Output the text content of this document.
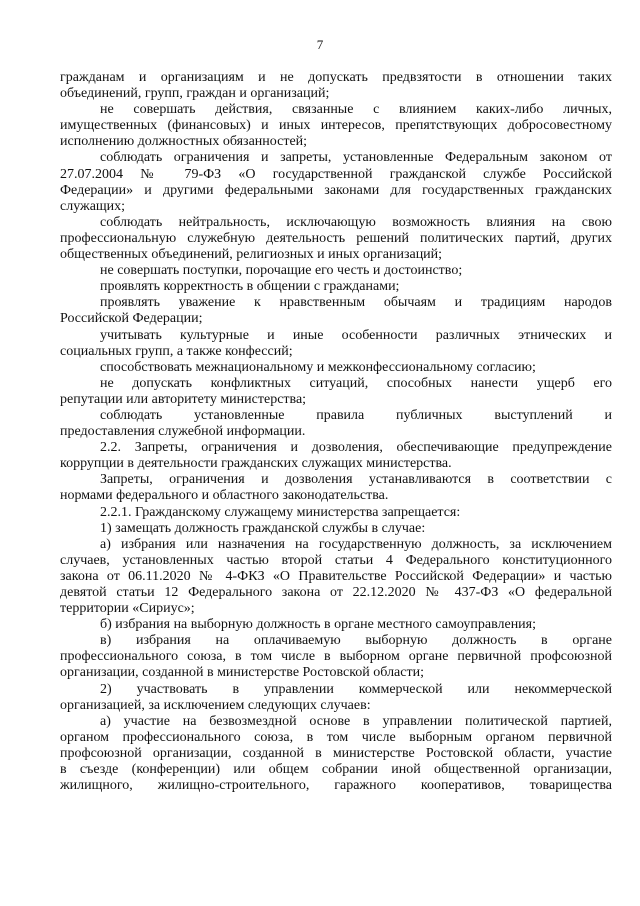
7
гражданам и организациям и не допускать предвзятости в отношении таких
объединений, групп, граждан и организаций;
не совершать действия, связанные с влиянием каких-либо личных,
имущественных (финансовых) и иных интересов, препятствующих добросовестному
исполнению должностных обязанностей;
соблюдать ограничения и запреты, установленные Федеральным законом от
27.07.2004 № 79-ФЗ «О государственной гражданской службе Российской
Федерации» и другими федеральными законами для государственных гражданских
служащих;
соблюдать нейтральность, исключающую возможность влияния на свою
профессиональную служебную деятельность решений политических партий, других
общественных объединений, религиозных и иных организаций;
не совершать поступки, порочащие его честь и достоинство;
проявлять корректность в общении с гражданами;
проявлять уважение к нравственным обычаям и традициям народов
Российской Федерации;
учитывать культурные и иные особенности различных этнических и
социальных групп, а также конфессий;
способствовать межнациональному и межконфессиональному согласию;
не допускать конфликтных ситуаций, способных нанести ущерб его
репутации или авторитету министерства;
соблюдать установленные правила публичных выступлений и
предоставления служебной информации.
2.2. Запреты, ограничения и дозволения, обеспечивающие предупреждение
коррупции в деятельности гражданских служащих министерства.
Запреты, ограничения и дозволения устанавливаются в соответствии с
нормами федерального и областного законодательства.
2.2.1. Гражданскому служащему министерства запрещается:
1) замещать должность гражданской службы в случае:
а) избрания или назначения на государственную должность, за исключением
случаев, установленных частью второй статьи 4 Федерального конституционного
закона от 06.11.2020 № 4-ФКЗ «О Правительстве Российской Федерации» и частью
девятой статьи 12 Федерального закона от 22.12.2020 № 437-ФЗ «О федеральной
территории «Сириус»;
б) избрания на выборную должность в органе местного самоуправления;
в) избрания на оплачиваемую выборную должность в органе
профессионального союза, в том числе в выборном органе первичной профсоюзной
организации, созданной в министерстве Ростовской области;
2) участвовать в управлении коммерческой или некоммерческой
организацией, за исключением следующих случаев:
а) участие на безвозмездной основе в управлении политической партией,
органом профессионального союза, в том числе выборным органом первичной
профсоюзной организации, созданной в министерстве Ростовской области, участие
в съезде (конференции) или общем собрании иной общественной организации,
жилищного, жилищно-строительного, гаражного кооперативов, товарищества
